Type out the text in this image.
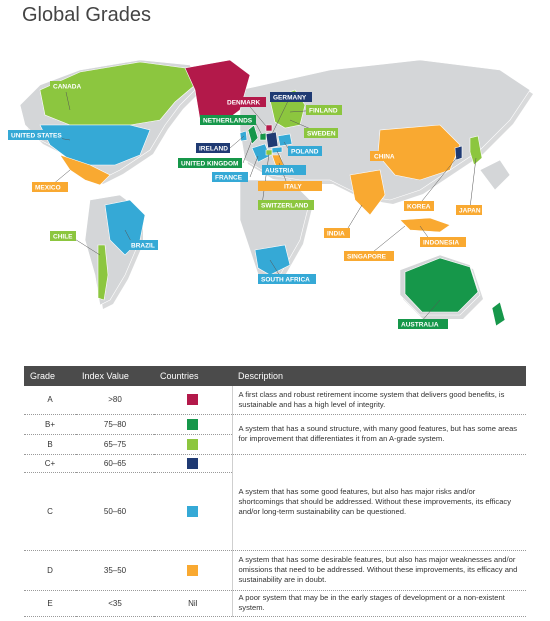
Global Grades
CANADA
UNITED STATES
MEXICO
CHILE
BRAZIL
DENMARK
GERMANY
NETHERLANDS
FINLAND
SWEDEN
IRELAND
UNITED KINGDOM
FRANCE
POLAND
AUSTRIA
ITALY
SWITZERLAND
SOUTH AFRICA
CHINA
INDIA
KOREA
JAPAN
INDONESIA
SINGAPORE
AUSTRALIA
Grade	Index Value	Countries	Description
A	>80		A first class and robust retirement income system that delivers good benefits, is sustainable and has a high level of integrity.
B+	75–80		A system that has a sound structure, with many good features, but has some areas for improvement that differentiates it from an A-grade system.
B	65–75		
C+	60–65		A system that has some good features, but also has major risks and/or shortcomings that should be addressed. Without these improvements, its efficacy and/or long-term sustainability can be questioned.
C	50–60		
D	35–50		A system that has some desirable features, but also has major weaknesses and/or omissions that need to be addressed. Without these improvements, its efficacy and sustainability are in doubt.
E	<35	Nil	A poor system that may be in the early stages of development or a non-existent system.
